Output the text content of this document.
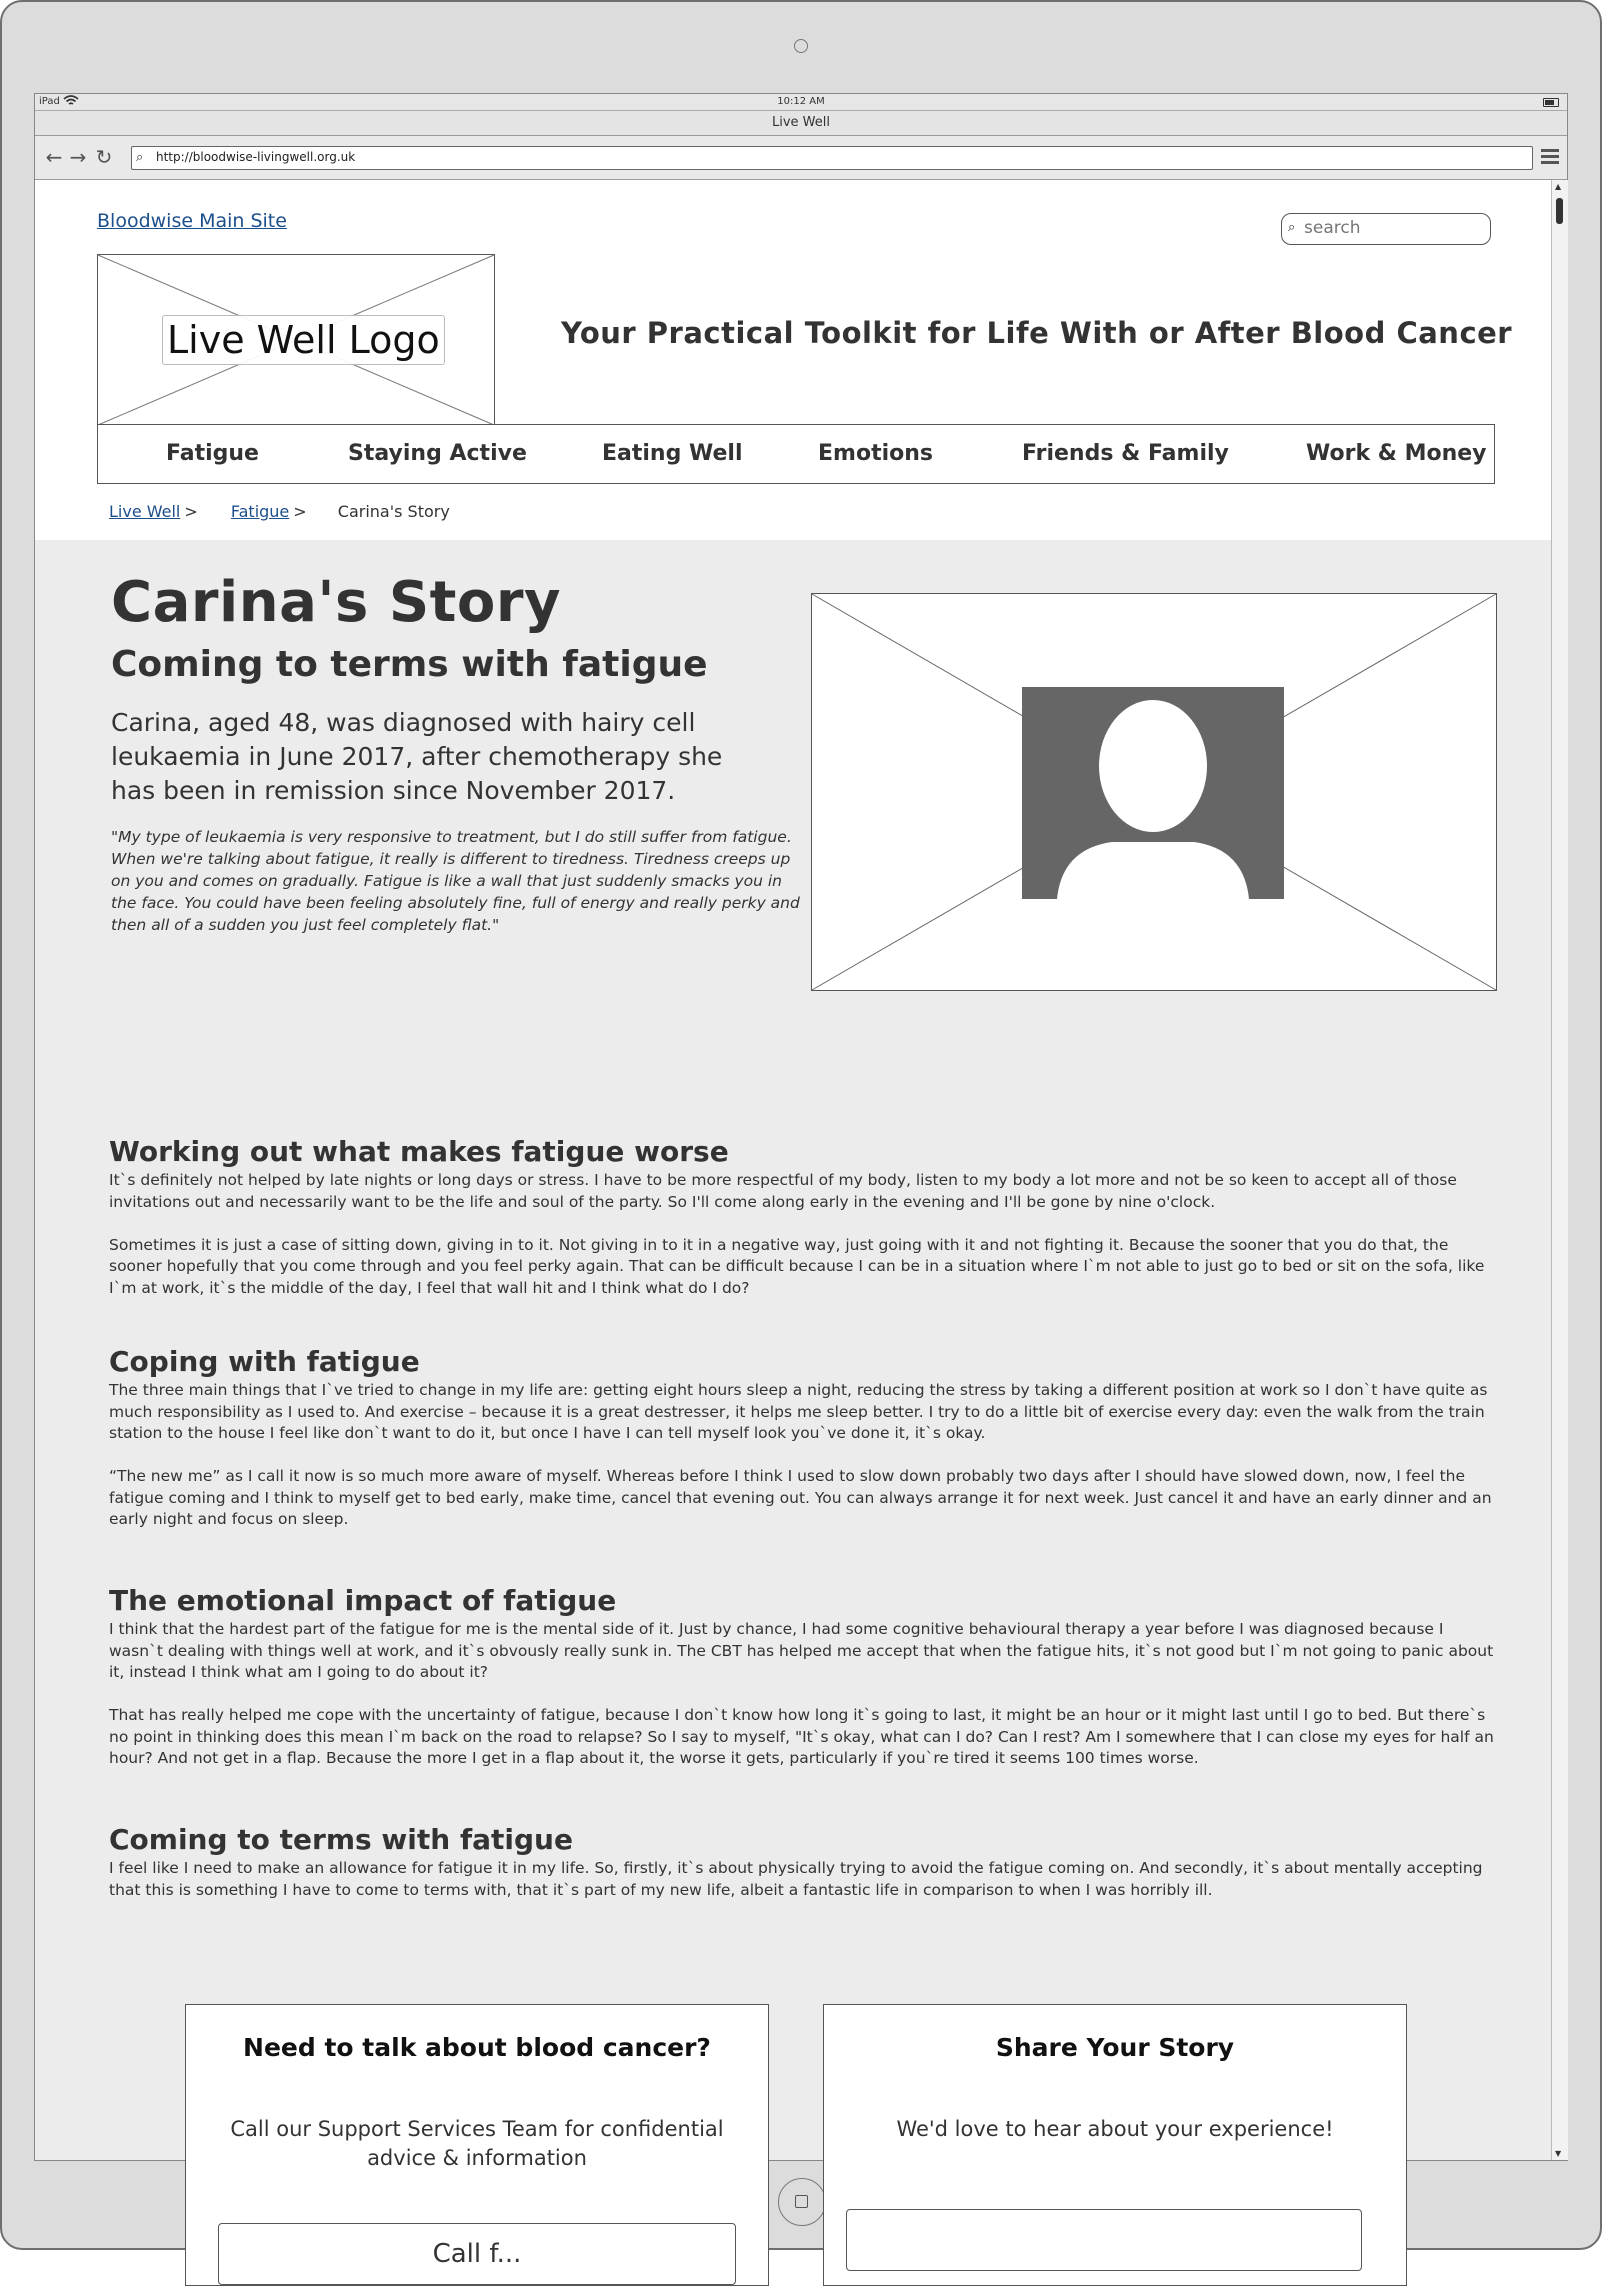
iPad	10:12 AM
Live Well
← → ↻ ⌕
http://bloodwise-livingwell.org.uk
Bloodwise Main Site	⌕
search
Live Well Logo	Your Practical Toolkit for Life With or After Blood Cancer
Fatigue	Staying Active	Eating Well	Emotions	Friends & Family	Work & Money
Live Well > Fatigue > Carina's Story
Carina's Story
Coming to terms with fatigue

Carina, aged 48, was diagnosed with hairy cell leukaemia in June 2017, after chemotherapy she has been in remission since November 2017.

"My type of leukaemia is very responsive to treatment, but I do still suffer from fatigue. When we're talking about fatigue, it really is different to tiredness. Tiredness creeps up on you and comes on gradually. Fatigue is like a wall that just suddenly smacks you in the face. You could have been feeling absolutely fine, full of energy and really perky and then all of a sudden you just feel completely flat."

Working out what makes fatigue worse

It`s definitely not helped by late nights or long days or stress. I have to be more respectful of my body, listen to my body a lot more and not be so keen to accept all of those invitations out and necessarily want to be the life and soul of the party. So I'll come along early in the evening and I'll be gone by nine o'clock.

Sometimes it is just a case of sitting down, giving in to it. Not giving in to it in a negative way, just going with it and not fighting it. Because the sooner that you do that, the sooner hopefully that you come through and you feel perky again. That can be difficult because I can be in a situation where I`m not able to just go to bed or sit on the sofa, like I`m at work, it`s the middle of the day, I feel that wall hit and I think what do I do?

Coping with fatigue

The three main things that I`ve tried to change in my life are: getting eight hours sleep a night, reducing the stress by taking a different position at work so I don`t have quite as much responsibility as I used to. And exercise – because it is a great destresser, it helps me sleep better. I try to do a little bit of exercise every day: even the walk from the train station to the house I feel like don`t want to do it, but once I have I can tell myself look you`ve done it, it`s okay.

“The new me” as I call it now is so much more aware of myself. Whereas before I think I used to slow down probably two days after I should have slowed down, now, I feel the fatigue coming and I think to myself get to bed early, make time, cancel that evening out. You can always arrange it for next week. Just cancel it and have an early dinner and an early night and focus on sleep.

The emotional impact of fatigue

I think that the hardest part of the fatigue for me is the mental side of it. Just by chance, I had some cognitive behavioural therapy a year before I was diagnosed because I wasn`t dealing with things well at work, and it`s obvously really sunk in. The CBT has helped me accept that when the fatigue hits, it`s not good but I`m not going to panic about it, instead I think what am I going to do about it?

That has really helped me cope with the uncertainty of fatigue, because I don`t know how long it`s going to last, it might be an hour or it might last until I go to bed. But there`s no point in thinking does this mean I`m back on the road to relapse? So I say to myself, "It`s okay, what can I do? Can I rest? Am I somewhere that I can close my eyes for half an hour? And not get in a flap. Because the more I get in a flap about it, the worse it gets, particularly if you`re tired it seems 100 times worse.

Coming to terms with fatigue

I feel like I need to make an allowance for fatigue it in my life. So, firstly, it`s about physically trying to avoid the fatigue coming on. And secondly, it`s about mentally accepting that this is something I have to come to terms with, that it`s part of my new life, albeit a fantastic life in comparison to when I was horribly ill.

Need to talk about blood cancer?
Call our Support Services Team for confidential advice & information
Call f...
Share Your Story
We'd love to hear about your experience!
▲
▼
